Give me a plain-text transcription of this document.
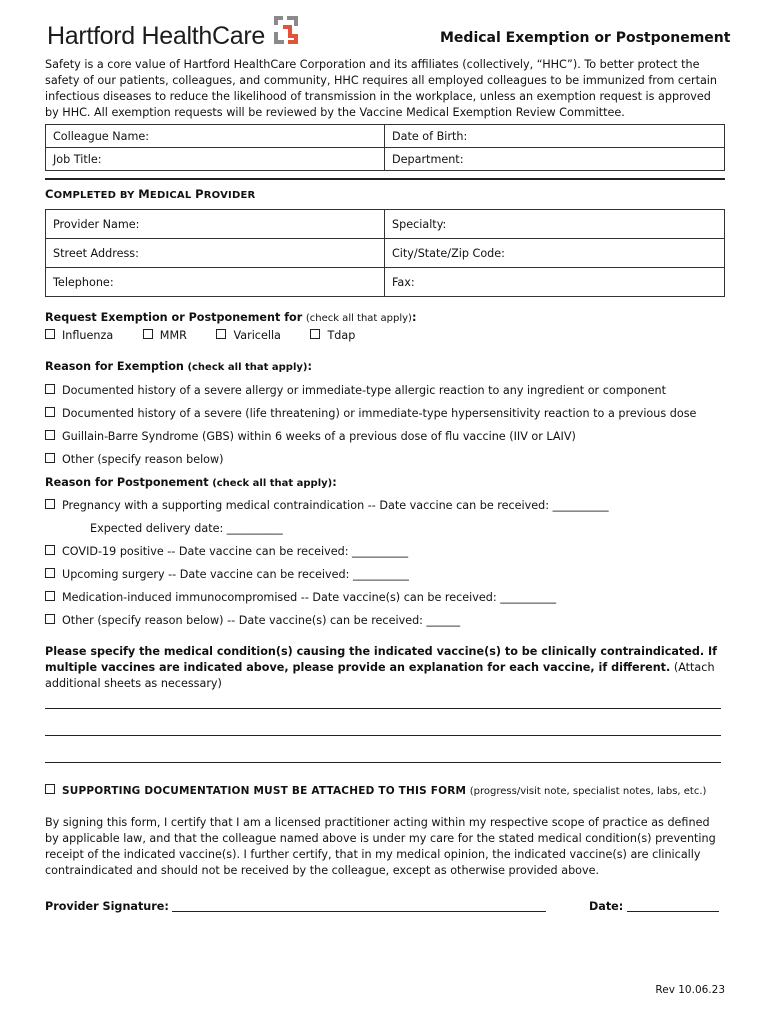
Hartford HealthCare	Medical Exemption or Postponement
Safety is a core value of Hartford HealthCare Corporation and its affiliates (collectively, “HHC”). To better protect the safety of our patients, colleagues, and community, HHC requires all employed colleagues to be immunized from certain infectious diseases to reduce the likelihood of transmission in the workplace, unless an exemption request is approved by HHC. All exemption requests will be reviewed by the Vaccine Medical Exemption Review Committee.
Colleague Name:	Date of Birth:
Job Title:	Department:
COMPLETED BY MEDICAL PROVIDER
Provider Name:	Specialty:
Street Address:	City/State/Zip Code:
Telephone:	Fax:
Request Exemption or Postponement for (check all that apply):
Influenza	MMR	Varicella	Tdap
Reason for Exemption (check all that apply):
Documented history of a severe allergy or immediate-type allergic reaction to any ingredient or component
Documented history of a severe (life threatening) or immediate-type hypersensitivity reaction to a previous dose
Guillain-Barre Syndrome (GBS) within 6 weeks of a previous dose of flu vaccine (IIV or LAIV)
Other (specify reason below)
Reason for Postponement (check all that apply):
Pregnancy with a supporting medical contraindication -- Date vaccine can be received: __________
Expected delivery date: __________
COVID-19 positive -- Date vaccine can be received: __________
Upcoming surgery -- Date vaccine can be received: __________
Medication-induced immunocompromised -- Date vaccine(s) can be received: __________
Other (specify reason below) -- Date vaccine(s) can be received: ______
Please specify the medical condition(s) causing the indicated vaccine(s) to be clinically contraindicated. If multiple vaccines are indicated above, please provide an explanation for each vaccine, if different. (Attach additional sheets as necessary)
SUPPORTING DOCUMENTATION MUST BE ATTACHED TO THIS FORM (progress/visit note, specialist notes, labs, etc.)
By signing this form, I certify that I am a licensed practitioner acting within my respective scope of practice as defined by applicable law, and that the colleague named above is under my care for the stated medical condition(s) preventing receipt of the indicated vaccine(s). I further certify, that in my medical opinion, the indicated vaccine(s) are clinically contraindicated and should not be received by the colleague, except as otherwise provided above.
Provider Signature:	Date:
Rev 10.06.23
